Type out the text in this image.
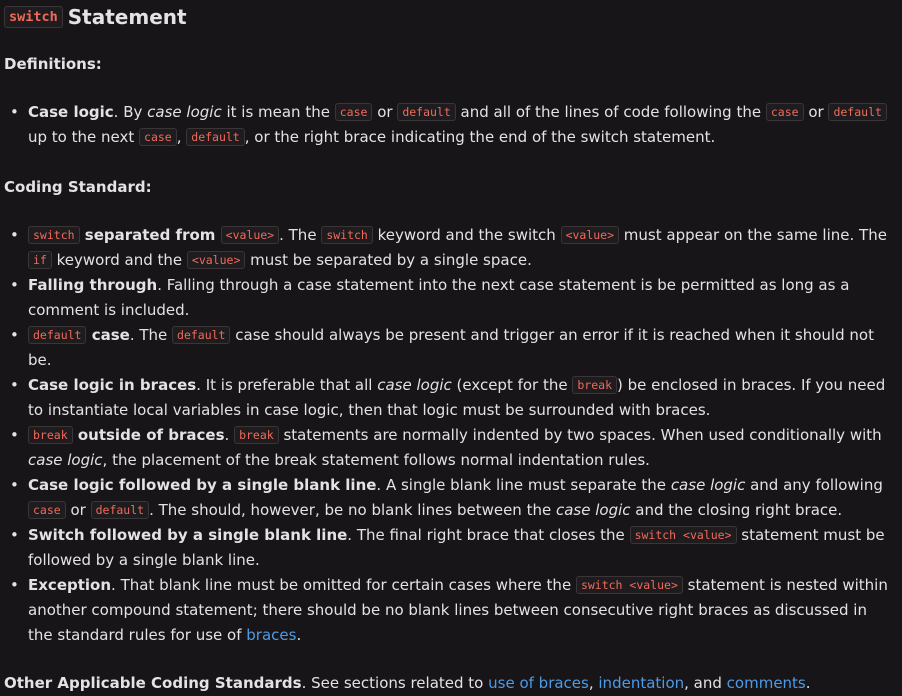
switch Statement

Definitions:

• Case logic. By case logic it is mean the case or default and all of the lines of code following the case or default up to the next case , default , or the right brace indicating the end of the switch statement.

Coding Standard:

• switch separated from <value> . The switch keyword and the switch <value> must appear on the same line. The if keyword and the <value> must be separated by a single space.
• Falling through. Falling through a case statement into the next case statement is be permitted as long as a comment is included.
• default case. The default case should always be present and trigger an error if it is reached when it should not be.
• Case logic in braces. It is preferable that all case logic (except for the break ) be enclosed in braces. If you need to instantiate local variables in case logic, then that logic must be surrounded with braces.
• break outside of braces. break statements are normally indented by two spaces. When used conditionally with case logic, the placement of the break statement follows normal indentation rules.
• Case logic followed by a single blank line. A single blank line must separate the case logic and any following case or default . The should, however, be no blank lines between the case logic and the closing right brace.
• Switch followed by a single blank line. The final right brace that closes the switch <value> statement must be followed by a single blank line.
• Exception. That blank line must be omitted for certain cases where the switch <value> statement is nested within another compound statement; there should be no blank lines between consecutive right braces as discussed in the standard rules for use of braces.

Other Applicable Coding Standards. See sections related to use of braces, indentation, and comments.
